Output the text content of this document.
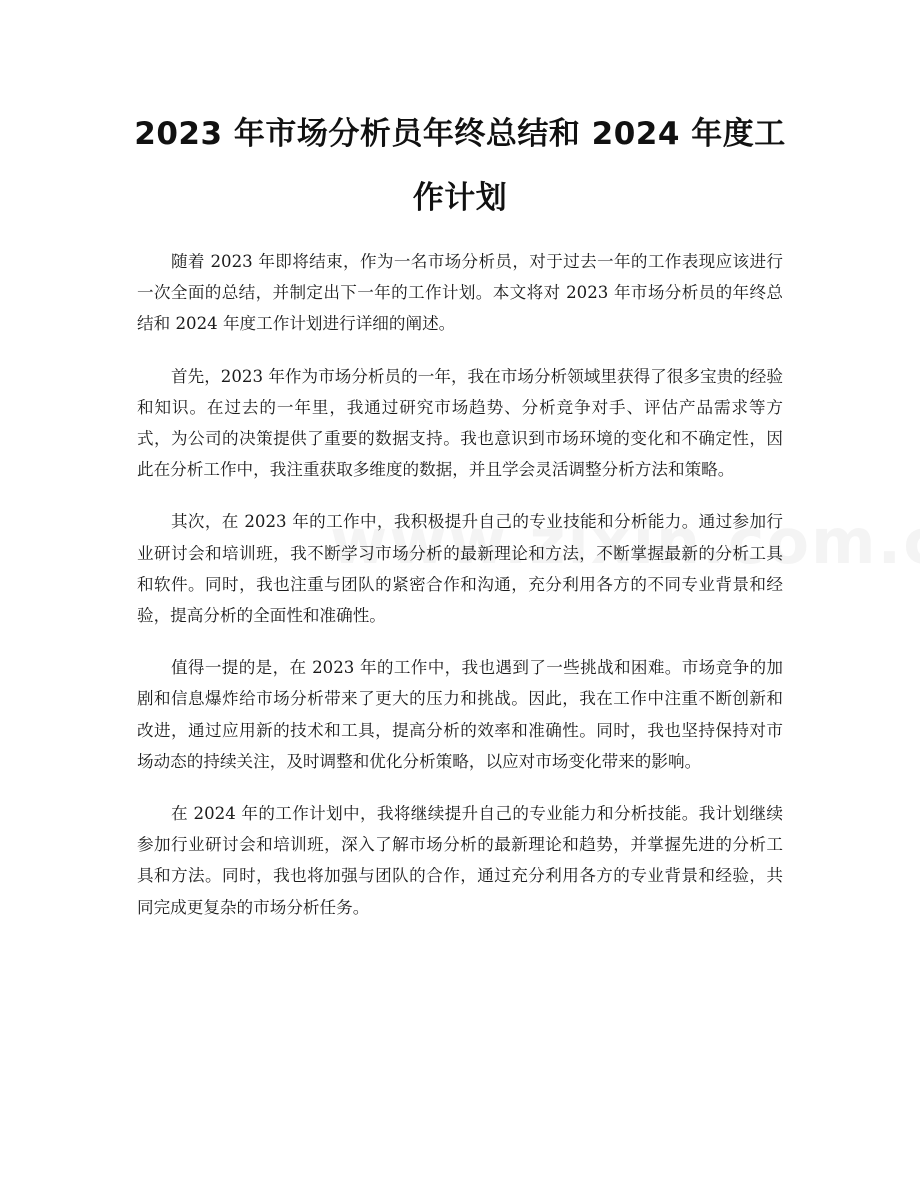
2023 年市场分析员年终总结和 2024 年度工
作计划

随着 2023 年即将结束，作为一名市场分析员，对于过去一年的工作表现应该进行一次全面的总结，并制定出下一年的工作计划。本文将对 2023 年市场分析员的年终总结和 2024 年度工作计划进行详细的阐述。

首先，2023 年作为市场分析员的一年，我在市场分析领域里获得了很多宝贵的经验和知识。在过去的一年里，我通过研究市场趋势、分析竞争对手、评估产品需求等方式，为公司的决策提供了重要的数据支持。我也意识到市场环境的变化和不确定性，因此在分析工作中，我注重获取多维度的数据，并且学会灵活调整分析方法和策略。

其次，在 2023 年的工作中，我积极提升自己的专业技能和分析能力。通过参加行业研讨会和培训班，我不断学习市场分析的最新理论和方法，不断掌握最新的分析工具和软件。同时，我也注重与团队的紧密合作和沟通，充分利用各方的不同专业背景和经验，提高分析的全面性和准确性。

值得一提的是，在 2023 年的工作中，我也遇到了一些挑战和困难。市场竞争的加剧和信息爆炸给市场分析带来了更大的压力和挑战。因此，我在工作中注重不断创新和改进，通过应用新的技术和工具，提高分析的效率和准确性。同时，我也坚持保持对市场动态的持续关注，及时调整和优化分析策略，以应对市场变化带来的影响。

在 2024 年的工作计划中，我将继续提升自己的专业能力和分析技能。我计划继续参加行业研讨会和培训班，深入了解市场分析的最新理论和趋势，并掌握先进的分析工具和方法。同时，我也将加强与团队的合作，通过充分利用各方的专业背景和经验，共同完成更复杂的市场分析任务。
